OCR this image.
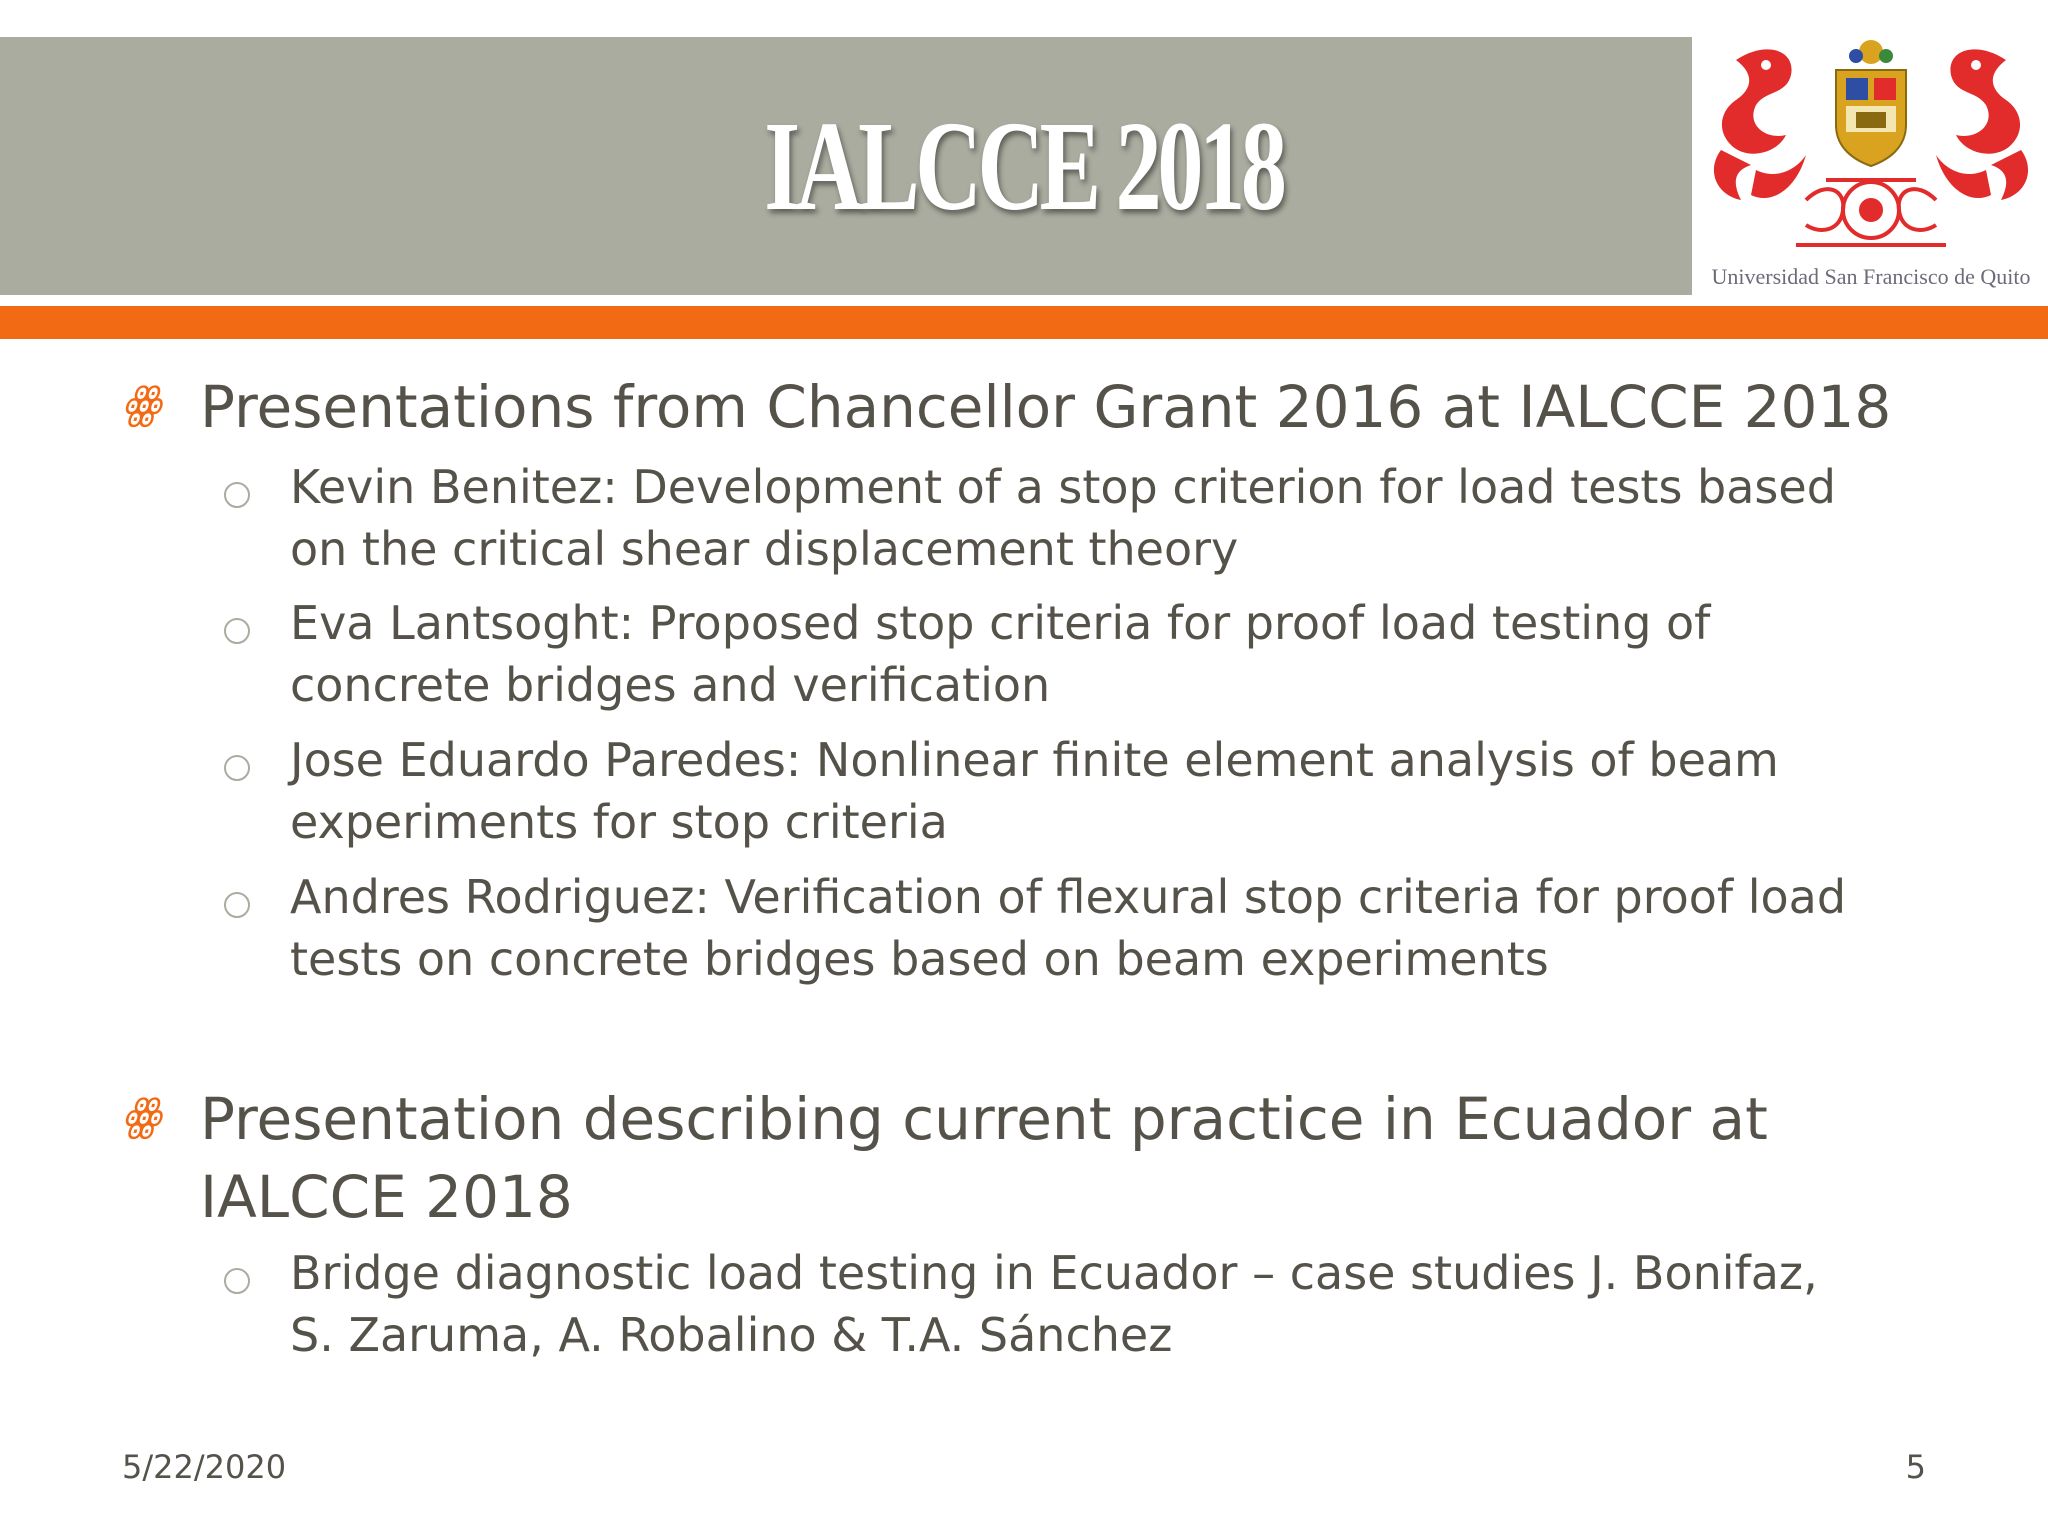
IALCCE 2018
Universidad San Francisco de Quito
ꙮ Presentations from Chancellor Grant 2016 at IALCCE 2018
Kevin Benitez: Development of a stop criterion for load tests based
on the critical shear displacement theory
Eva Lantsoght: Proposed stop criteria for proof load testing of
concrete bridges and verification
Jose Eduardo Paredes: Nonlinear finite element analysis of beam
experiments for stop criteria
Andres Rodriguez: Verification of flexural stop criteria for proof load
tests on concrete bridges based on beam experiments
ꙮ Presentation describing current practice in Ecuador at
IALCCE 2018
Bridge diagnostic load testing in Ecuador – case studies J. Bonifaz,
S. Zaruma, A. Robalino & T.A. Sánchez
5/22/2020	5
